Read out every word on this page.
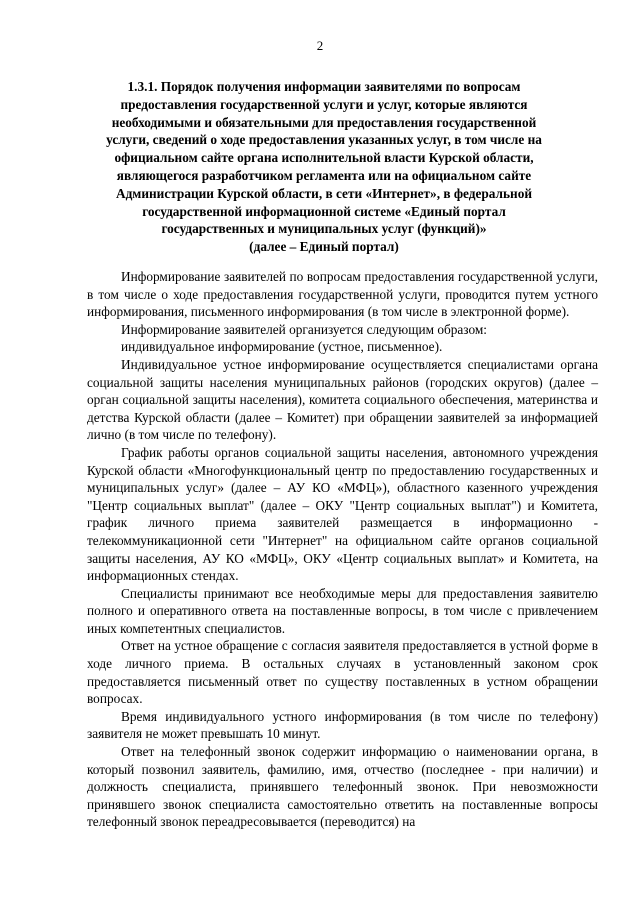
2
1.3.1. Порядок получения информации заявителями по вопросам
предоставления государственной услуги и услуг, которые являются
необходимыми и обязательными для предоставления государственной
услуги, сведений о ходе предоставления указанных услуг, в том числе на
официальном сайте органа исполнительной власти Курской области,
являющегося разработчиком регламента или на официальном сайте
Администрации Курской области, в сети «Интернет», в федеральной
государственной информационной системе «Единый портал
государственных и муниципальных услуг (функций)»
(далее – Единый портал)

Информирование заявителей по вопросам предоставления государственной услуги, в том числе о ходе предоставления государственной услуги, проводится путем устного информирования, письменного информирования (в том числе в электронной форме).

Информирование заявителей организуется следующим образом:

индивидуальное информирование (устное, письменное).

Индивидуальное устное информирование осуществляется специалистами органа социальной защиты населения муниципальных районов (городских округов) (далее – орган социальной защиты населения), комитета социального обеспечения, материнства и детства Курской области (далее – Комитет) при обращении заявителей за информацией лично (в том числе по телефону).

График работы органов социальной защиты населения, автономного учреждения Курской области «Многофункциональный центр по предоставлению государственных и муниципальных услуг» (далее – АУ КО «МФЦ»), областного казенного учреждения "Центр социальных выплат" (далее – ОКУ "Центр социальных выплат") и Комитета, график личного приема заявителей размещается в информационно - телекоммуникационной сети "Интернет" на официальном сайте органов социальной защиты населения, АУ КО «МФЦ», ОКУ «Центр социальных выплат» и Комитета, на информационных стендах.

Специалисты принимают все необходимые меры для предоставления заявителю полного и оперативного ответа на поставленные вопросы, в том числе с привлечением иных компетентных специалистов.

Ответ на устное обращение с согласия заявителя предоставляется в устной форме в ходе личного приема. В остальных случаях в установленный законом срок предоставляется письменный ответ по существу поставленных в устном обращении вопросах.

Время индивидуального устного информирования (в том числе по телефону) заявителя не может превышать 10 минут.

Ответ на телефонный звонок содержит информацию о наименовании органа, в который позвонил заявитель, фамилию, имя, отчество (последнее - при наличии) и должность специалиста, принявшего телефонный звонок. При невозможности принявшего звонок специалиста самостоятельно ответить на поставленные вопросы телефонный звонок переадресовывается (переводится) на
